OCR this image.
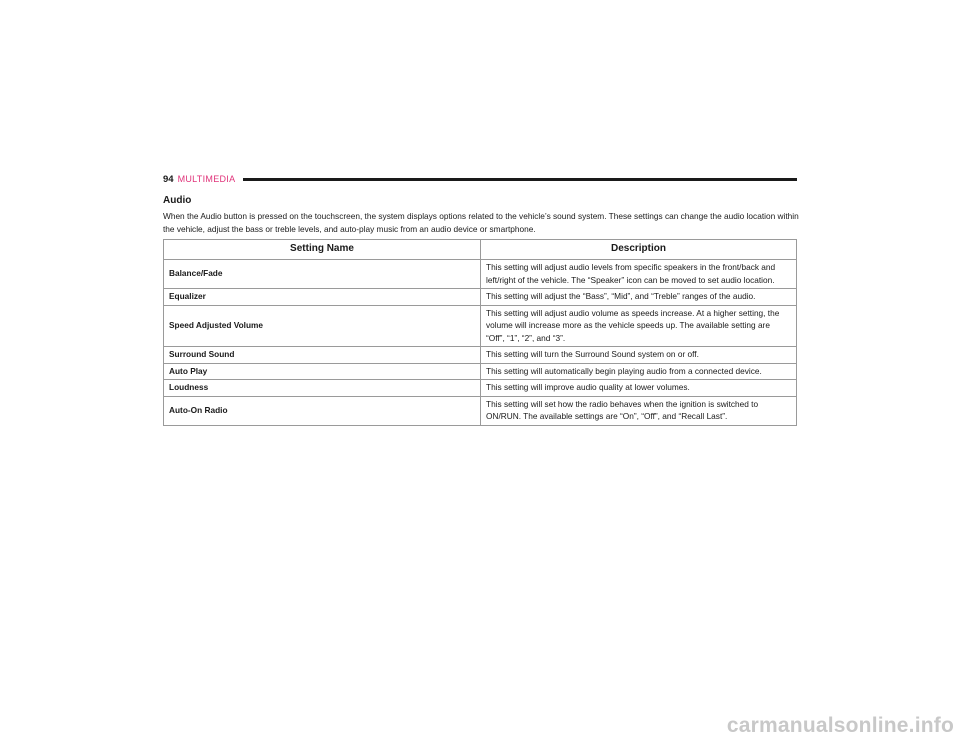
94 MULTIMEDIA
Audio

When the Audio button is pressed on the touchscreen, the system displays options related to the vehicle’s sound system. These settings can change the audio location within the vehicle, adjust the bass or treble levels, and auto-play music from an audio device or smartphone.

Setting Name	Description
Balance/Fade	This setting will adjust audio levels from specific speakers in the front/back and left/right of the vehicle. The “Speaker” icon can be moved to set audio location.
Equalizer	This setting will adjust the “Bass”, “Mid”, and “Treble” ranges of the audio.
Speed Adjusted Volume	This setting will adjust audio volume as speeds increase. At a higher setting, the volume will increase more as the vehicle speeds up. The available setting are “Off”, “1”, “2”, and “3”.
Surround Sound	This setting will turn the Surround Sound system on or off.
Auto Play	This setting will automatically begin playing audio from a connected device.
Loudness	This setting will improve audio quality at lower volumes.
Auto-On Radio	This setting will set how the radio behaves when the ignition is switched to ON/RUN. The available settings are “On”, “Off”, and “Recall Last”.
carmanualsonline.info
